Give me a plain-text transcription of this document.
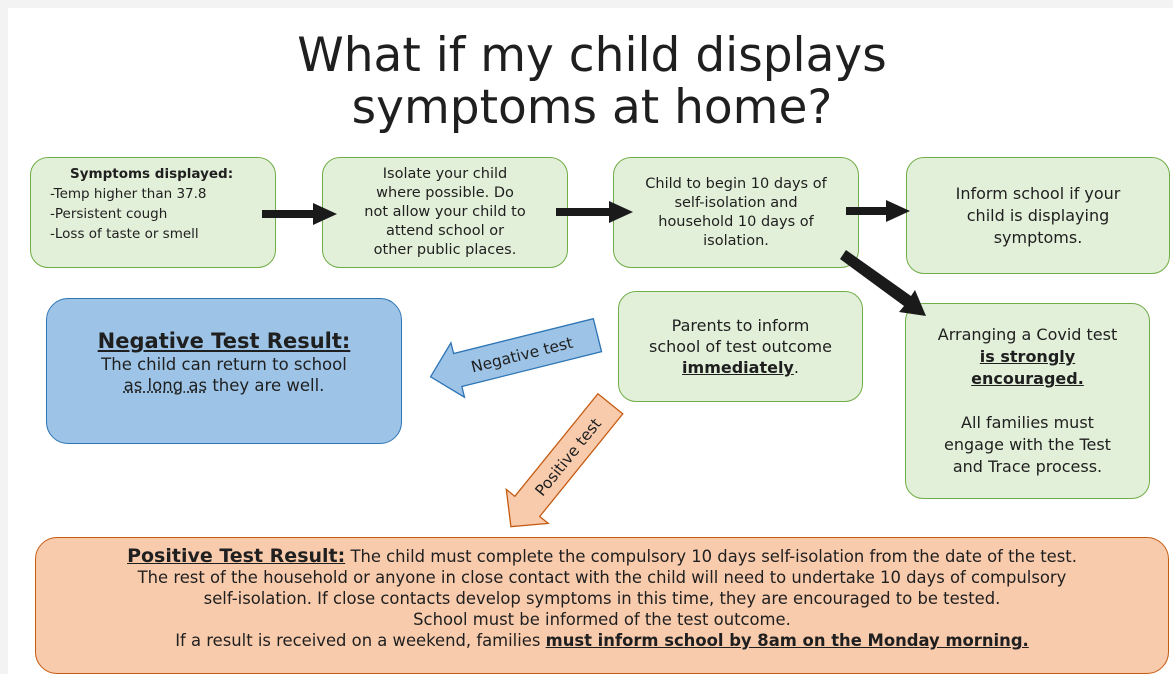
What if my child displays
symptoms at home?
Symptoms displayed:
-Temp higher than 37.8
-Persistent cough
-Loss of taste or smell
Isolate your child
where possible. Do
not allow your child to
attend school or
other public places.
Child to begin 10 days of
self-isolation and
household 10 days of
isolation.
Inform school if your
child is displaying
symptoms.
Parents to inform
school of test outcome
immediately.
Arranging a Covid test
is strongly
encouraged.

All families must
engage with the Test
and Trace process.
Negative Test Result:
The child can return to school
as long as they are well.
Positive Test Result: The child must complete the compulsory 10 days self-isolation from the date of the test.
The rest of the household or anyone in close contact with the child will need to undertake 10 days of compulsory
self-isolation. If close contacts develop symptoms in this time, they are encouraged to be tested.
School must be informed of the test outcome.
If a result is received on a weekend, families must inform school by 8am on the Monday morning.
Negative test
Positive test
